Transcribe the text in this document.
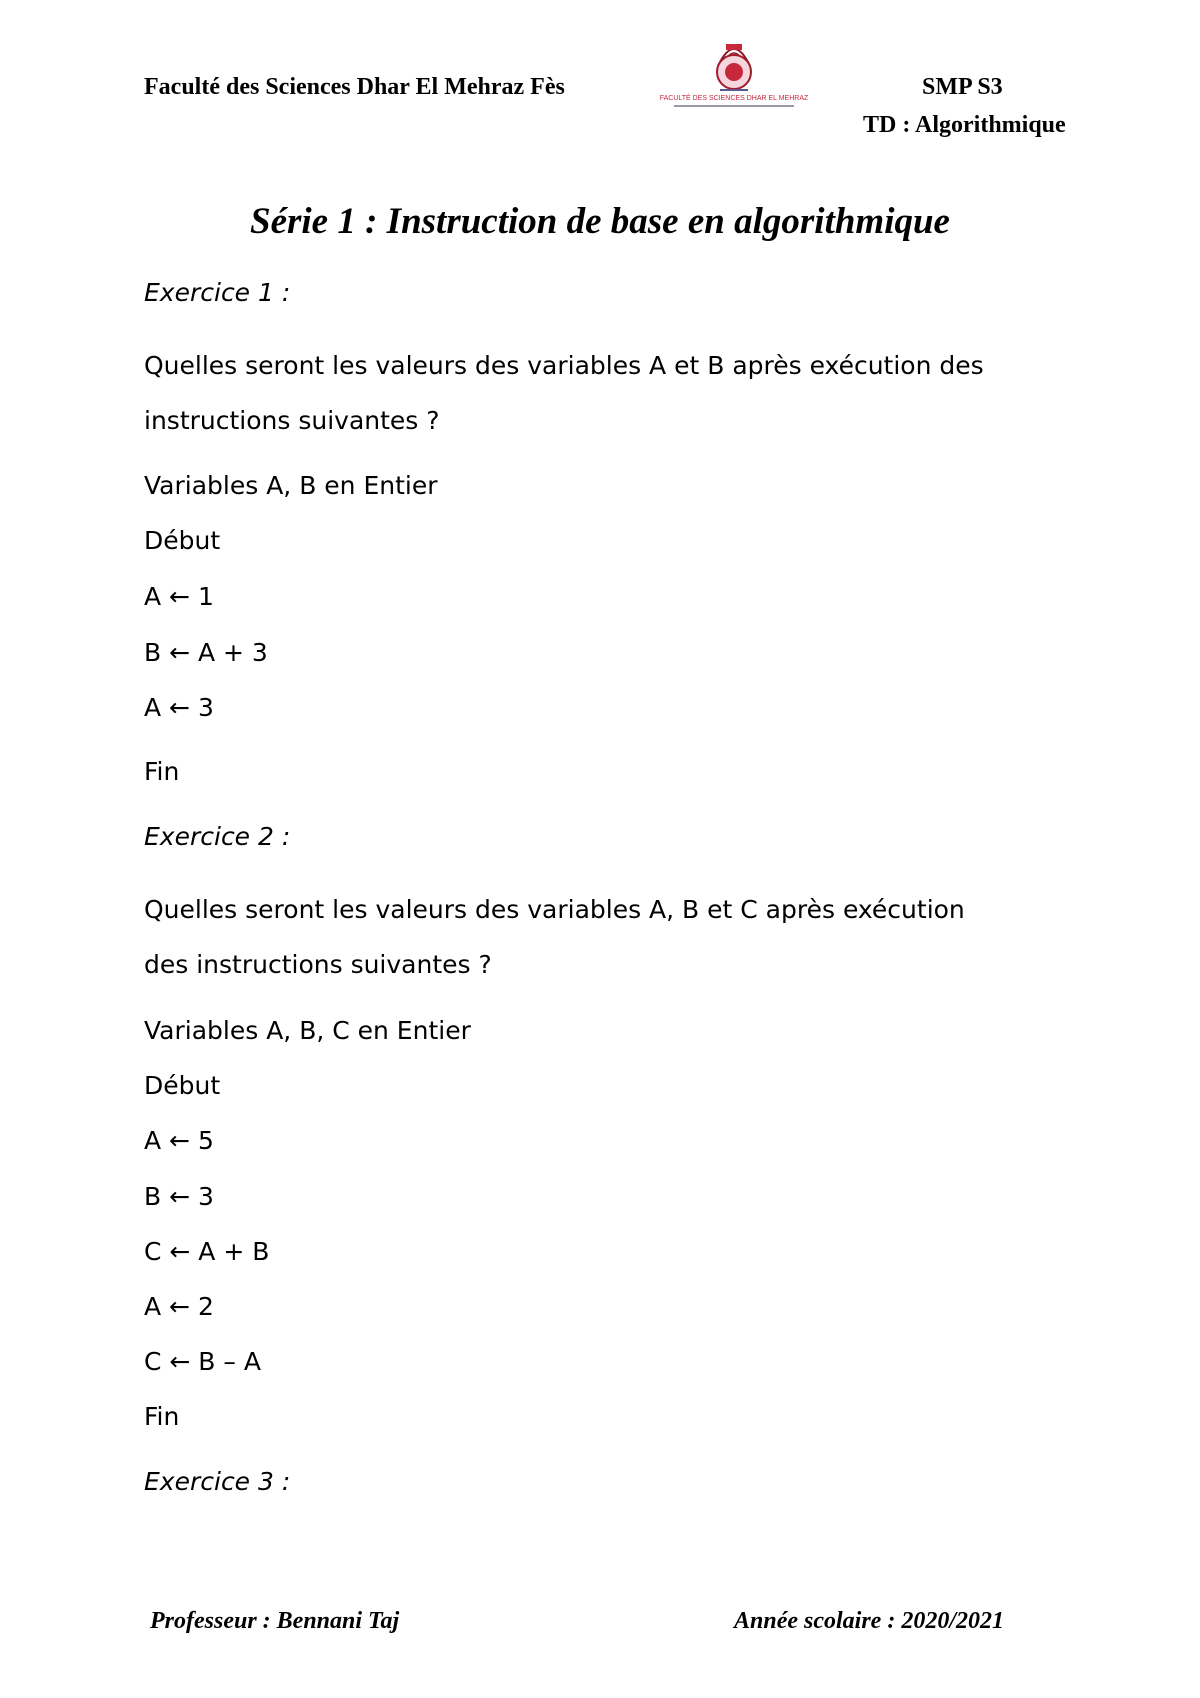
Faculté des Sciences Dhar El Mehraz Fès	FACULTÉ DES SCIENCES DHAR EL MEHRAZ	SMP S3
TD : Algorithmique
Série 1 : Instruction de base en algorithmique
Exercice 1 :
Quelles seront les valeurs des variables A et B après exécution des
instructions suivantes ?
Variables A, B en Entier
Début
A ← 1
B ← A + 3
A ← 3
Fin
Exercice 2 :
Quelles seront les valeurs des variables A, B et C après exécution
des instructions suivantes ?
Variables A, B, C en Entier
Début
A ← 5
B ← 3
C ← A + B
A ← 2
C ← B – A
Fin
Exercice 3 :
Professeur : Bennani Taj	Année scolaire : 2020/2021
